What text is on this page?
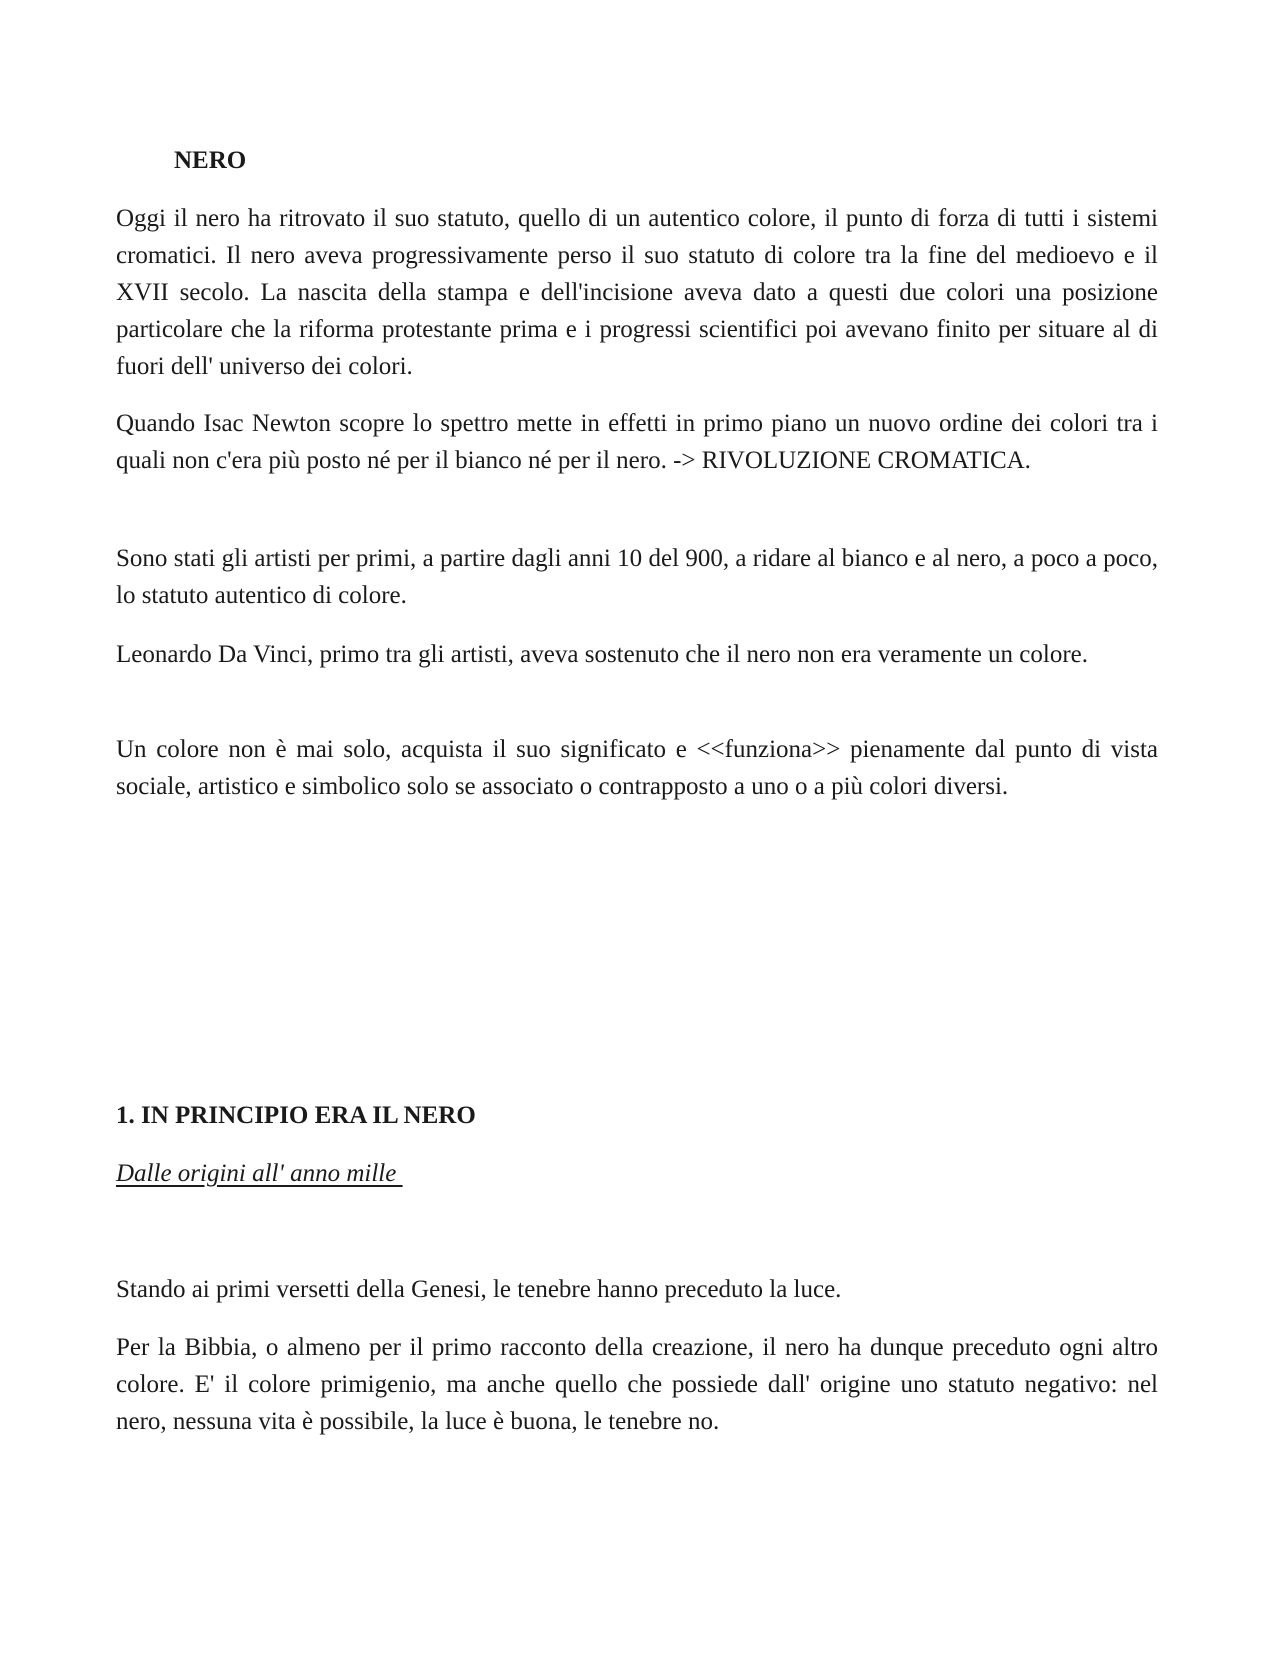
NERO

Oggi il nero ha ritrovato il suo statuto, quello di un autentico colore, il punto di forza di tutti i sistemi cromatici. Il nero aveva progressivamente perso il suo statuto di colore tra la fine del medioevo e il XVII secolo. La nascita della stampa e dell'incisione aveva dato a questi due colori una posizione particolare che la riforma protestante prima e i progressi scientifici poi avevano finito per situare al di fuori dell' universo dei colori.

Quando Isac Newton scopre lo spettro mette in effetti in primo piano un nuovo ordine dei colori tra i quali non c'era più posto né per il bianco né per il nero. -> RIVOLUZIONE CROMATICA.

Sono stati gli artisti per primi, a partire dagli anni 10 del 900, a ridare al bianco e al nero, a poco a poco, lo statuto autentico di colore.

Leonardo Da Vinci, primo tra gli artisti, aveva sostenuto che il nero non era veramente un colore.

Un colore non è mai solo, acquista il suo significato e <<funziona>> pienamente dal punto di vista sociale, artistico e simbolico solo se associato o contrapposto a uno o a più colori diversi.

1. IN PRINCIPIO ERA IL NERO
Dalle origini all' anno mille

Stando ai primi versetti della Genesi, le tenebre hanno preceduto la luce.

Per la Bibbia, o almeno per il primo racconto della creazione, il nero ha dunque preceduto ogni altro colore. E' il colore primigenio, ma anche quello che possiede dall' origine uno statuto negativo: nel nero, nessuna vita è possibile, la luce è buona, le tenebre no.
